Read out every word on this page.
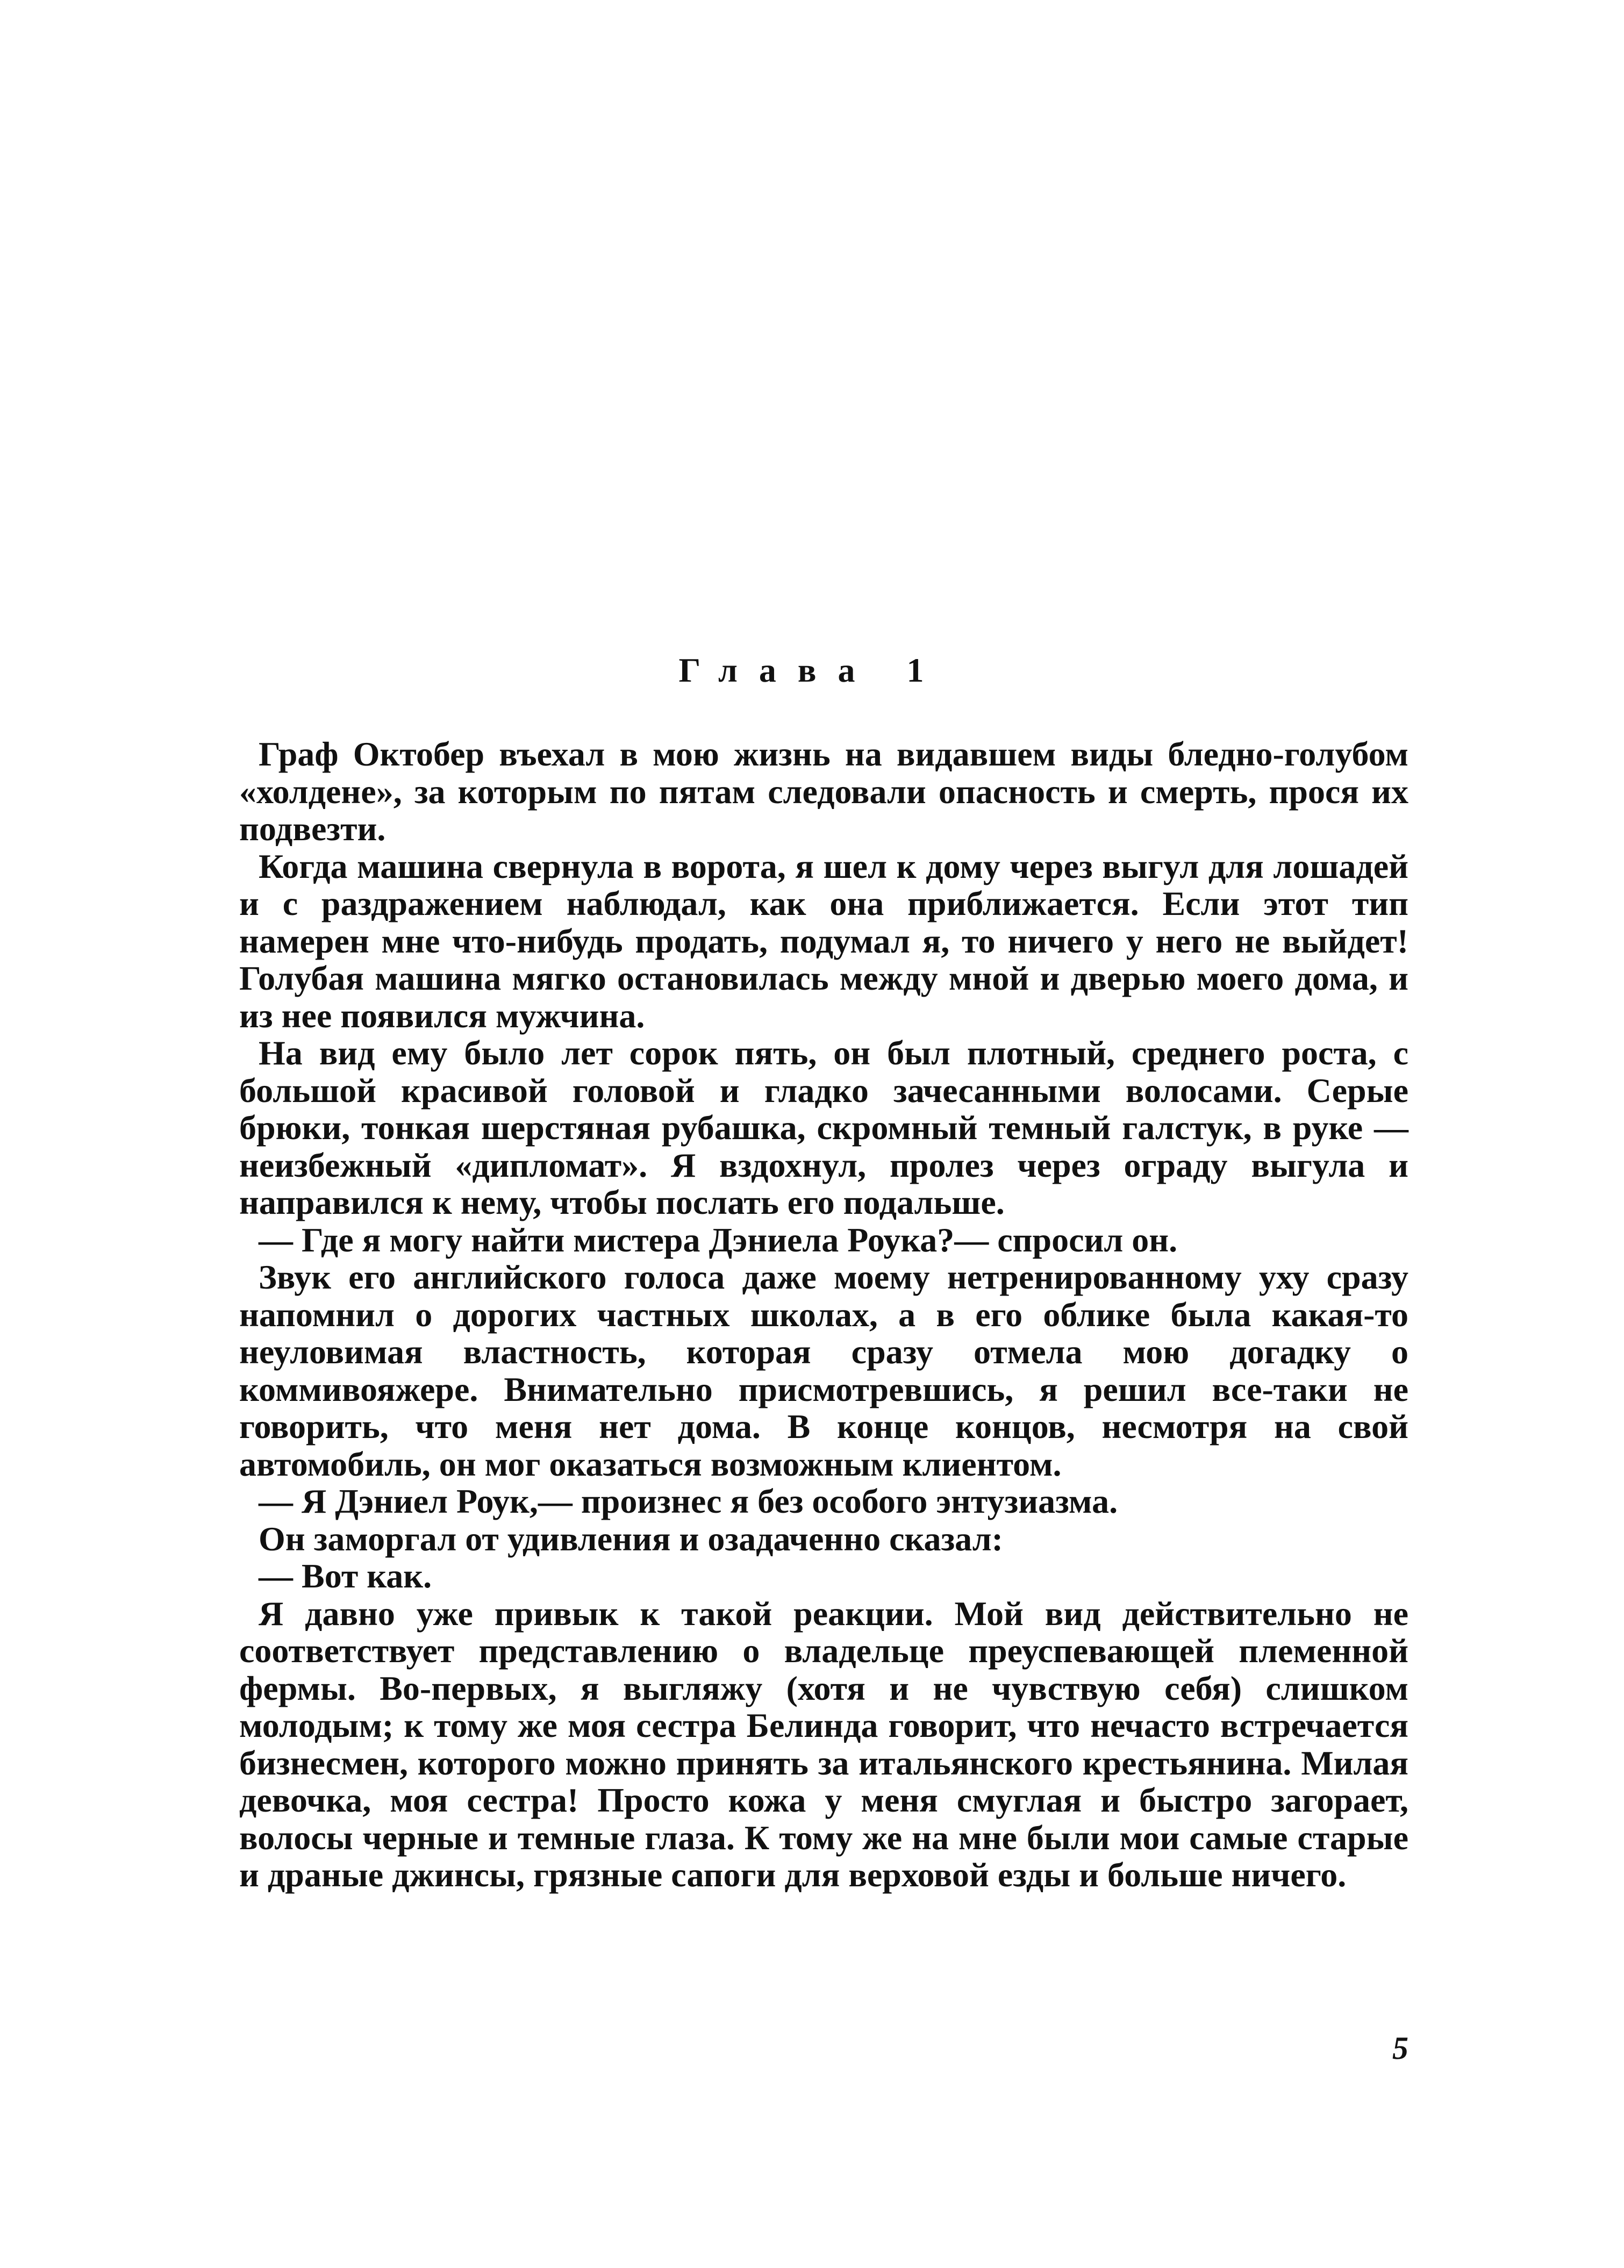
Глава 1

Граф Октобер въехал в мою жизнь на видавшем виды бледно-голубом «холдене», за которым по пятам следовали опасность и смерть, прося их подвезти.

Когда машина свернула в ворота, я шел к дому через выгул для лошадей и с раздражением наблюдал, как она приближается. Если этот тип намерен мне что-нибудь продать, подумал я, то ничего у него не выйдет! Голубая машина мягко остановилась между мной и дверью моего дома, и из нее появился мужчина.

На вид ему было лет сорок пять, он был плотный, среднего роста, с большой красивой головой и гладко зачесанными волосами. Серые брюки, тонкая шерстяная рубашка, скромный темный галстук, в руке — неизбежный «дипломат». Я вздохнул, пролез через ограду выгула и направился к нему, чтобы послать его подальше.

— Где я могу найти мистера Дэниела Роука?— спросил он.

Звук его английского голоса даже моему нетренированному уху сразу напомнил о дорогих частных школах, а в его облике была какая-то неуловимая властность, которая сразу отмела мою догадку о коммивояжере. Внимательно присмотревшись, я решил все-таки не говорить, что меня нет дома. В конце концов, несмотря на свой автомобиль, он мог оказаться возможным клиентом.

— Я Дэниел Роук,— произнес я без особого энтузиазма.

Он заморгал от удивления и озадаченно сказал:

— Вот как.

Я давно уже привык к такой реакции. Мой вид действительно не соответствует представлению о владельце преуспевающей племенной фермы. Во-первых, я выгляжу (хотя и не чувствую себя) слишком молодым; к тому же моя сестра Белинда говорит, что нечасто встречается бизнесмен, которого можно принять за итальянского крестьянина. Милая девочка, моя сестра! Просто кожа у меня смуглая и быстро загорает, волосы черные и темные глаза. К тому же на мне были мои самые старые и драные джинсы, грязные сапоги для верховой езды и больше ничего.

5
